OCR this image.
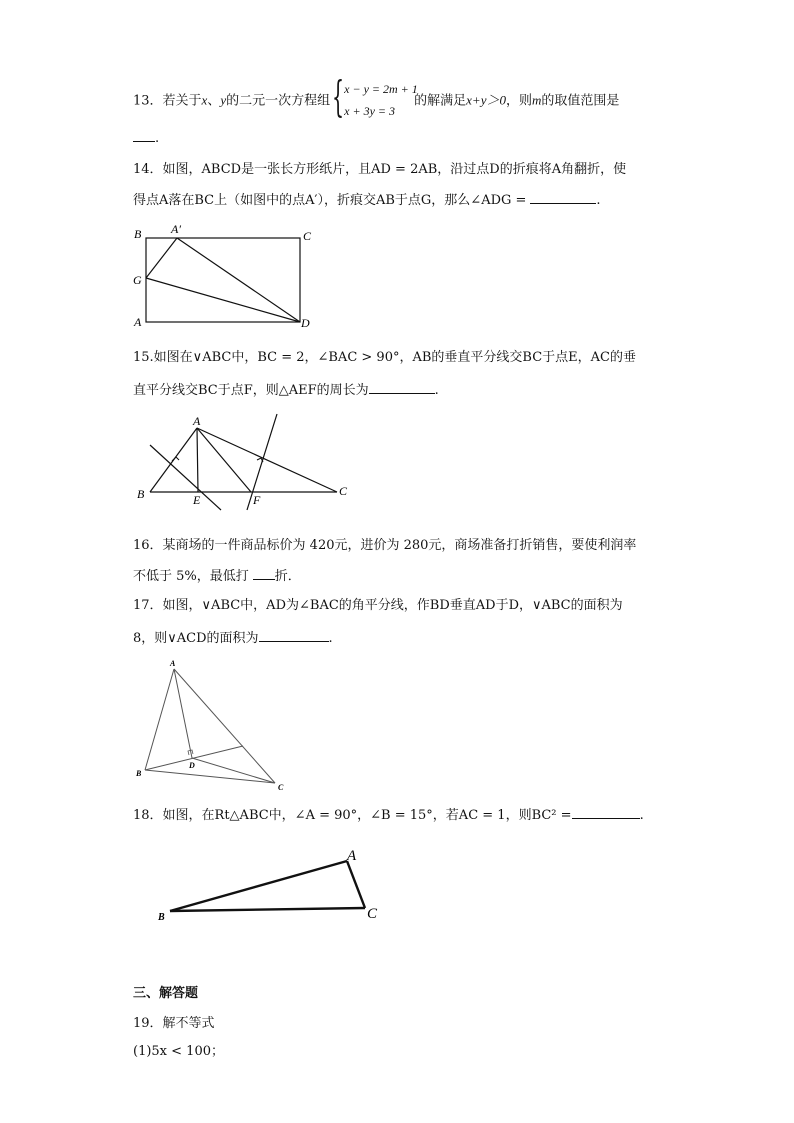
13．若关于x、y的二元一次方程组 { x − y = 2m + 1
x + 3y = 3
的解满足x+y＞0，则m的取值范围是
.
14．如图，ABCD是一张长方形纸片，且AD = 2AB，沿过点D的折痕将A角翻折，使
得点A落在BC上（如图中的点A′），折痕交AB于点G，那么∠ADG =	.
B A′	C
G
A	D
15.如图在∨ABC中，BC = 2，∠BAC > 90°，AB的垂直平分线交BC于点E，AC的垂
直平分线交BC于点F，则△AEF的周长为	.
A
B	E	F
C
16．某商场的一件商品标价为 420元，进价为 280元，商场准备打折销售，要使利润率
不低于 5%，最低打 折．
17．如图，∨ABC中，AD为∠BAC的角平分线，作BD垂直AD于D，∨ABC的面积为
8，则∨ACD的面积为	.
A
B
D
C
18．如图，在Rt△ABC中，∠A = 90°，∠B = 15°，若AC = 1，则BC² =	.
A
B	C
三、解答题
19．解不等式
(1)5x < 100；
